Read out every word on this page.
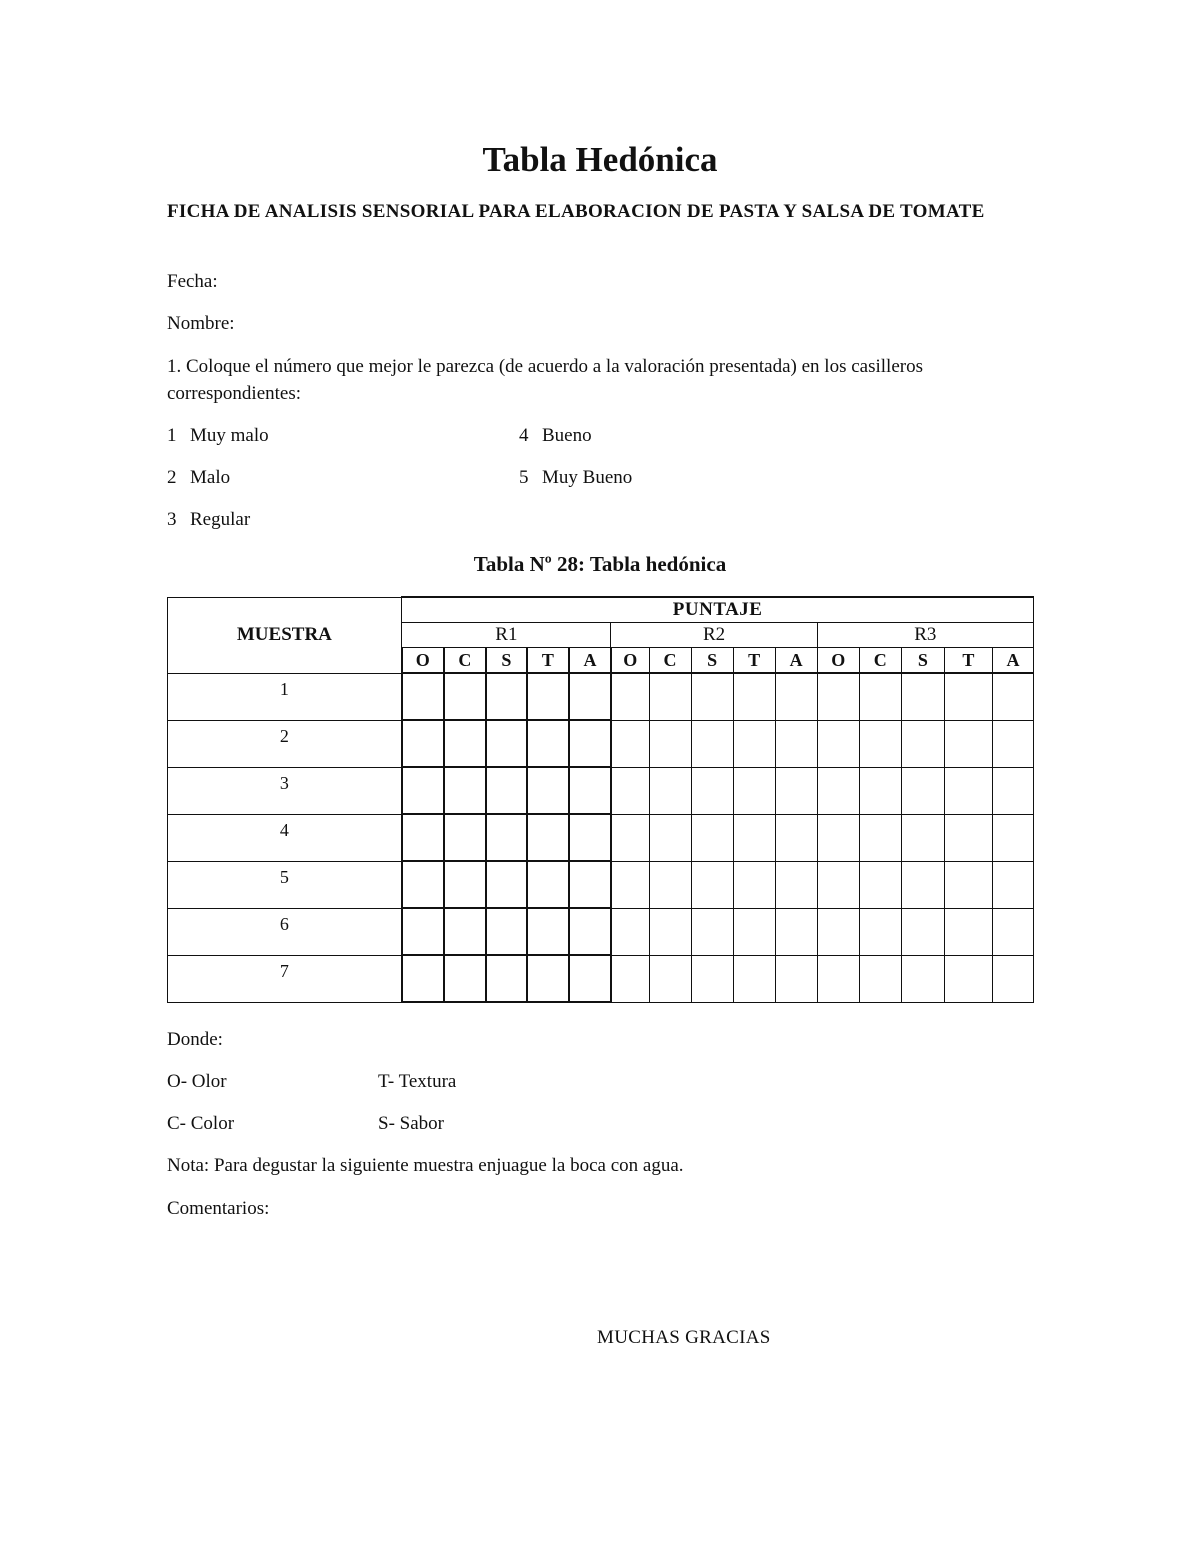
Tabla Hedónica
FICHA DE ANALISIS SENSORIAL PARA ELABORACION DE PASTA Y SALSA DE TOMATE
Fecha:
Nombre:
1. Coloque el número que mejor le parezca (de acuerdo a la valoración presentada) en los casilleros correspondientes:
1 Muy malo
2 Malo
3 Regular
4 Bueno
5 Muy Bueno
Tabla Nº 28: Tabla hedónica
MUESTRA	PUNTAJE														
	R1					R2					R3				
	O	C	S	T	A	O	C	S	T	A	O	C	S	T	A
1															
2															
3															
4															
5															
6															
7															
Donde:
O- Olor	T- Textura
C- Color	S- Sabor
Nota: Para degustar la siguiente muestra enjuague la boca con agua.
Comentarios:
MUCHAS GRACIAS
